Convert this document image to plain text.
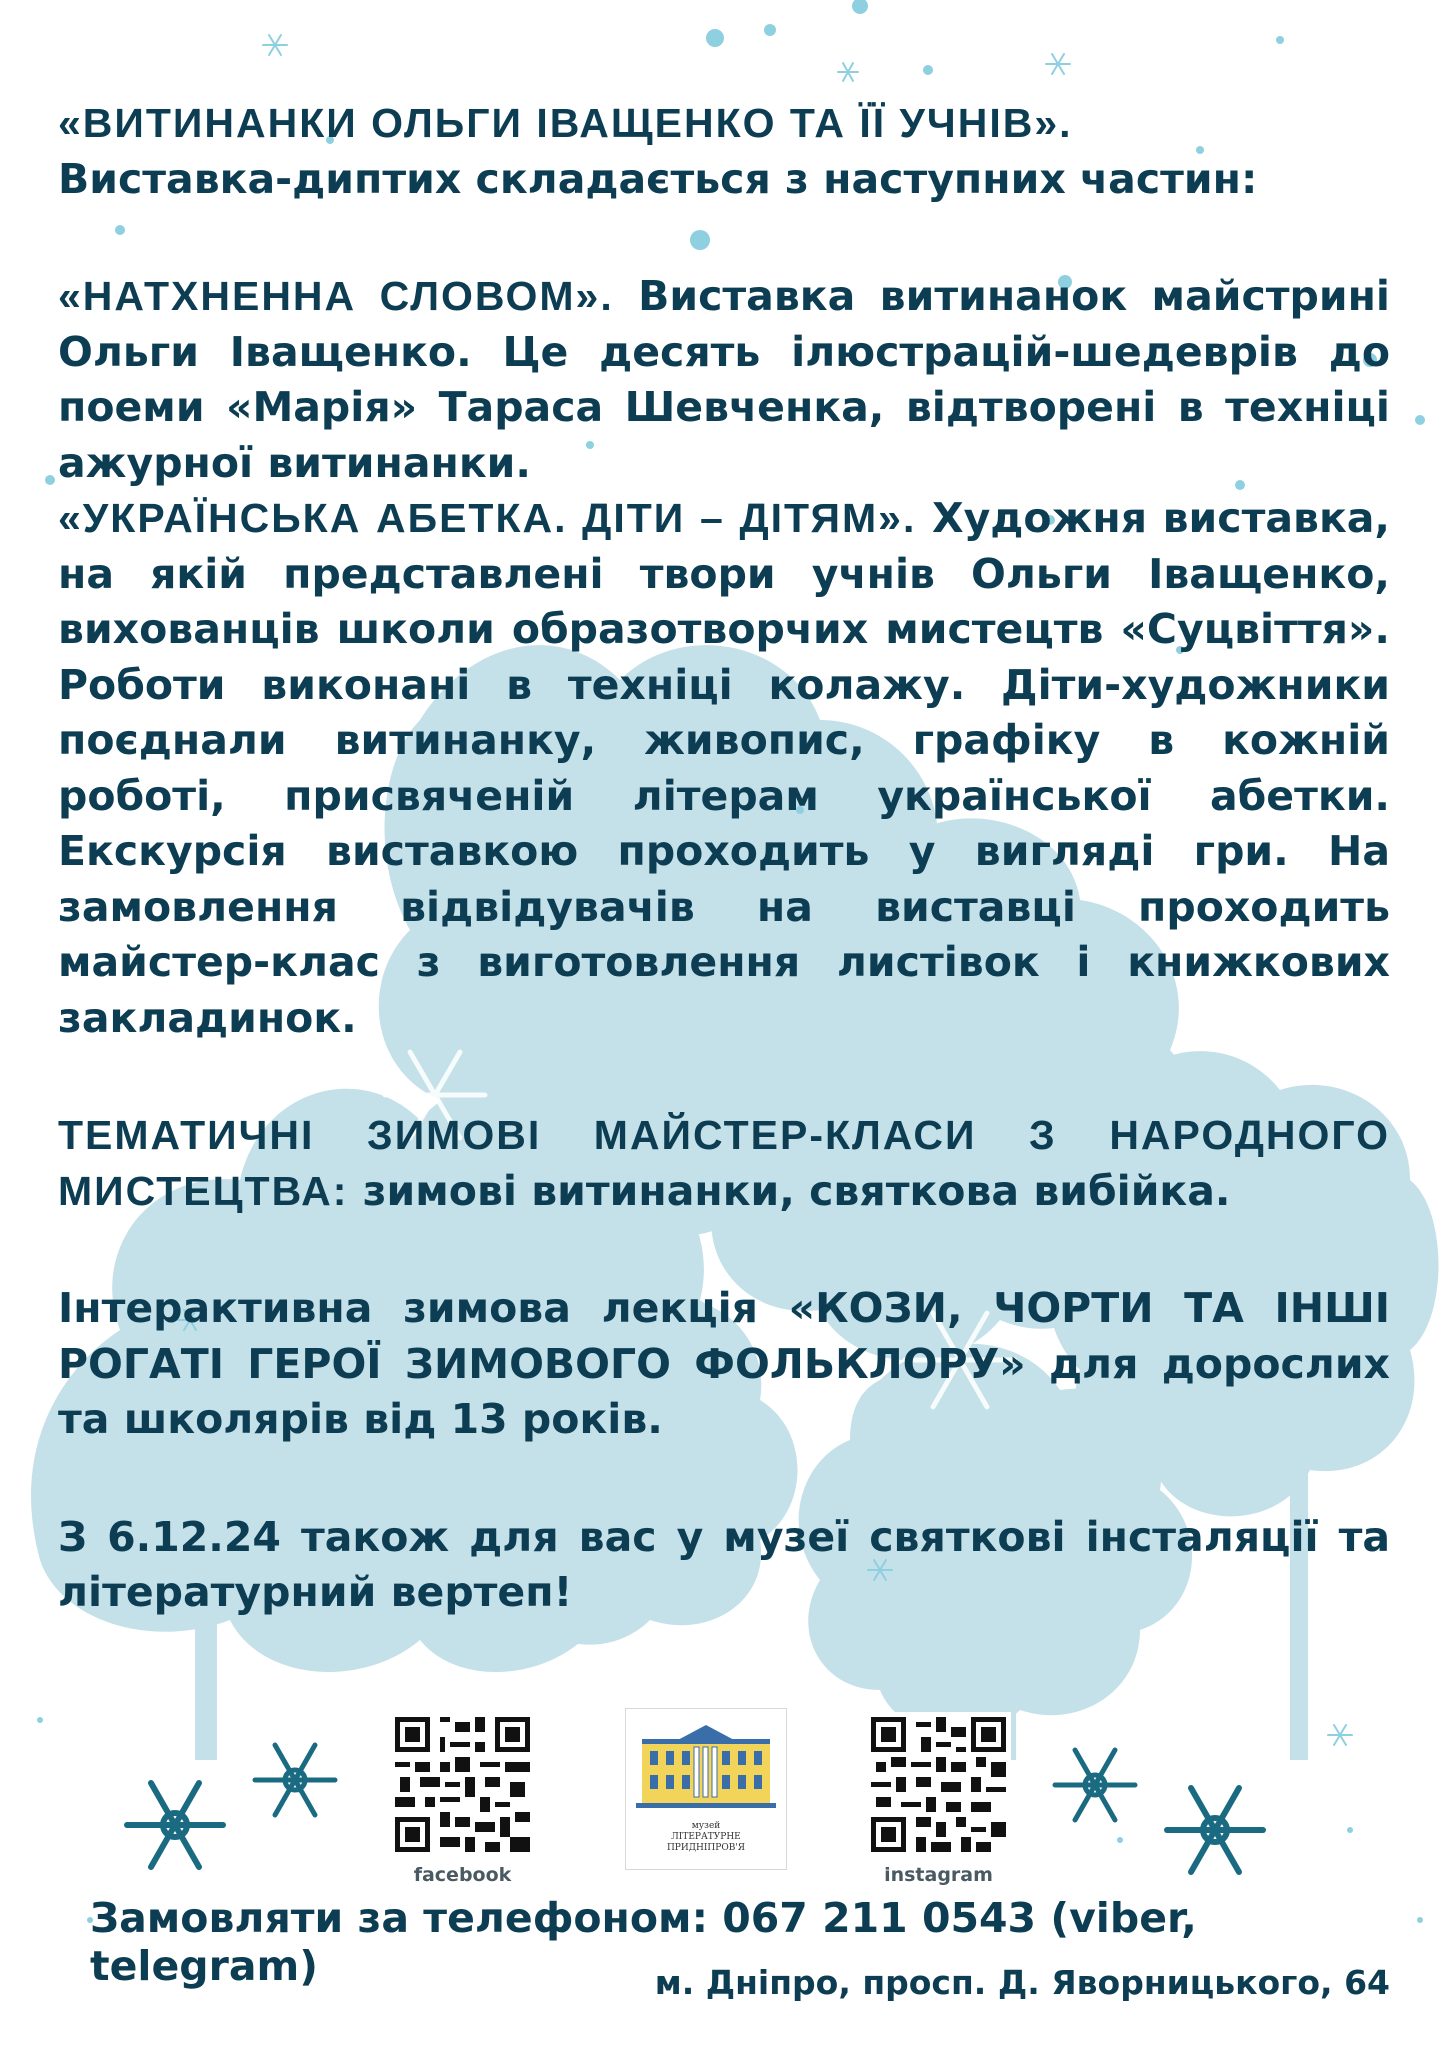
«ВИТИНАНКИ ОЛЬГИ ІВАЩЕНКО ТА ЇЇ УЧНІВ».
Виставка-диптих складається з наступних частин:

«НАТХНЕННА СЛОВОМ». Виставка витинанок майстрині Ольги Іващенко. Це десять ілюстрацій-шедеврів до поеми «Марія» Тараса Шевченка, відтворені в техніці ажурної витинанки.

«УКРАЇНСЬКА АБЕТКА. ДІТИ – ДІТЯМ». Художня виставка, на якій представлені твори учнів Ольги Іващенко, вихованців школи образотворчих мистецтв «Суцвіття». Роботи виконані в техніці колажу. Діти-художники поєднали витинанку, живопис, графіку в кожній роботі, присвяченій літерам української абетки. Екскурсія виставкою проходить у вигляді гри. На замовлення відвідувачів на виставці проходить майстер-клас з виготовлення листівок і книжкових закладинок.

ТЕМАТИЧНІ ЗИМОВІ МАЙСТЕР-КЛАСИ З НАРОДНОГО МИСТЕЦТВА: зимові витинанки, святкова вибійка.

Інтерактивна зимова лекція «КОЗИ, ЧОРТИ ТА ІНШІ РОГАТІ ГЕРОЇ ЗИМОВОГО ФОЛЬКЛОРУ» для дорослих та школярів від 13 років.

З 6.12.24 також для вас у музеї святкові інсталяції та літературний вертеп!

facebook
музей
ЛІТЕРАТУРНЕ
ПРИДНІПРОВ'Я
instagram
Замовляти за телефоном: 067 211 0543 (viber, telegram)	м. Дніпро, просп. Д. Яворницького, 64
